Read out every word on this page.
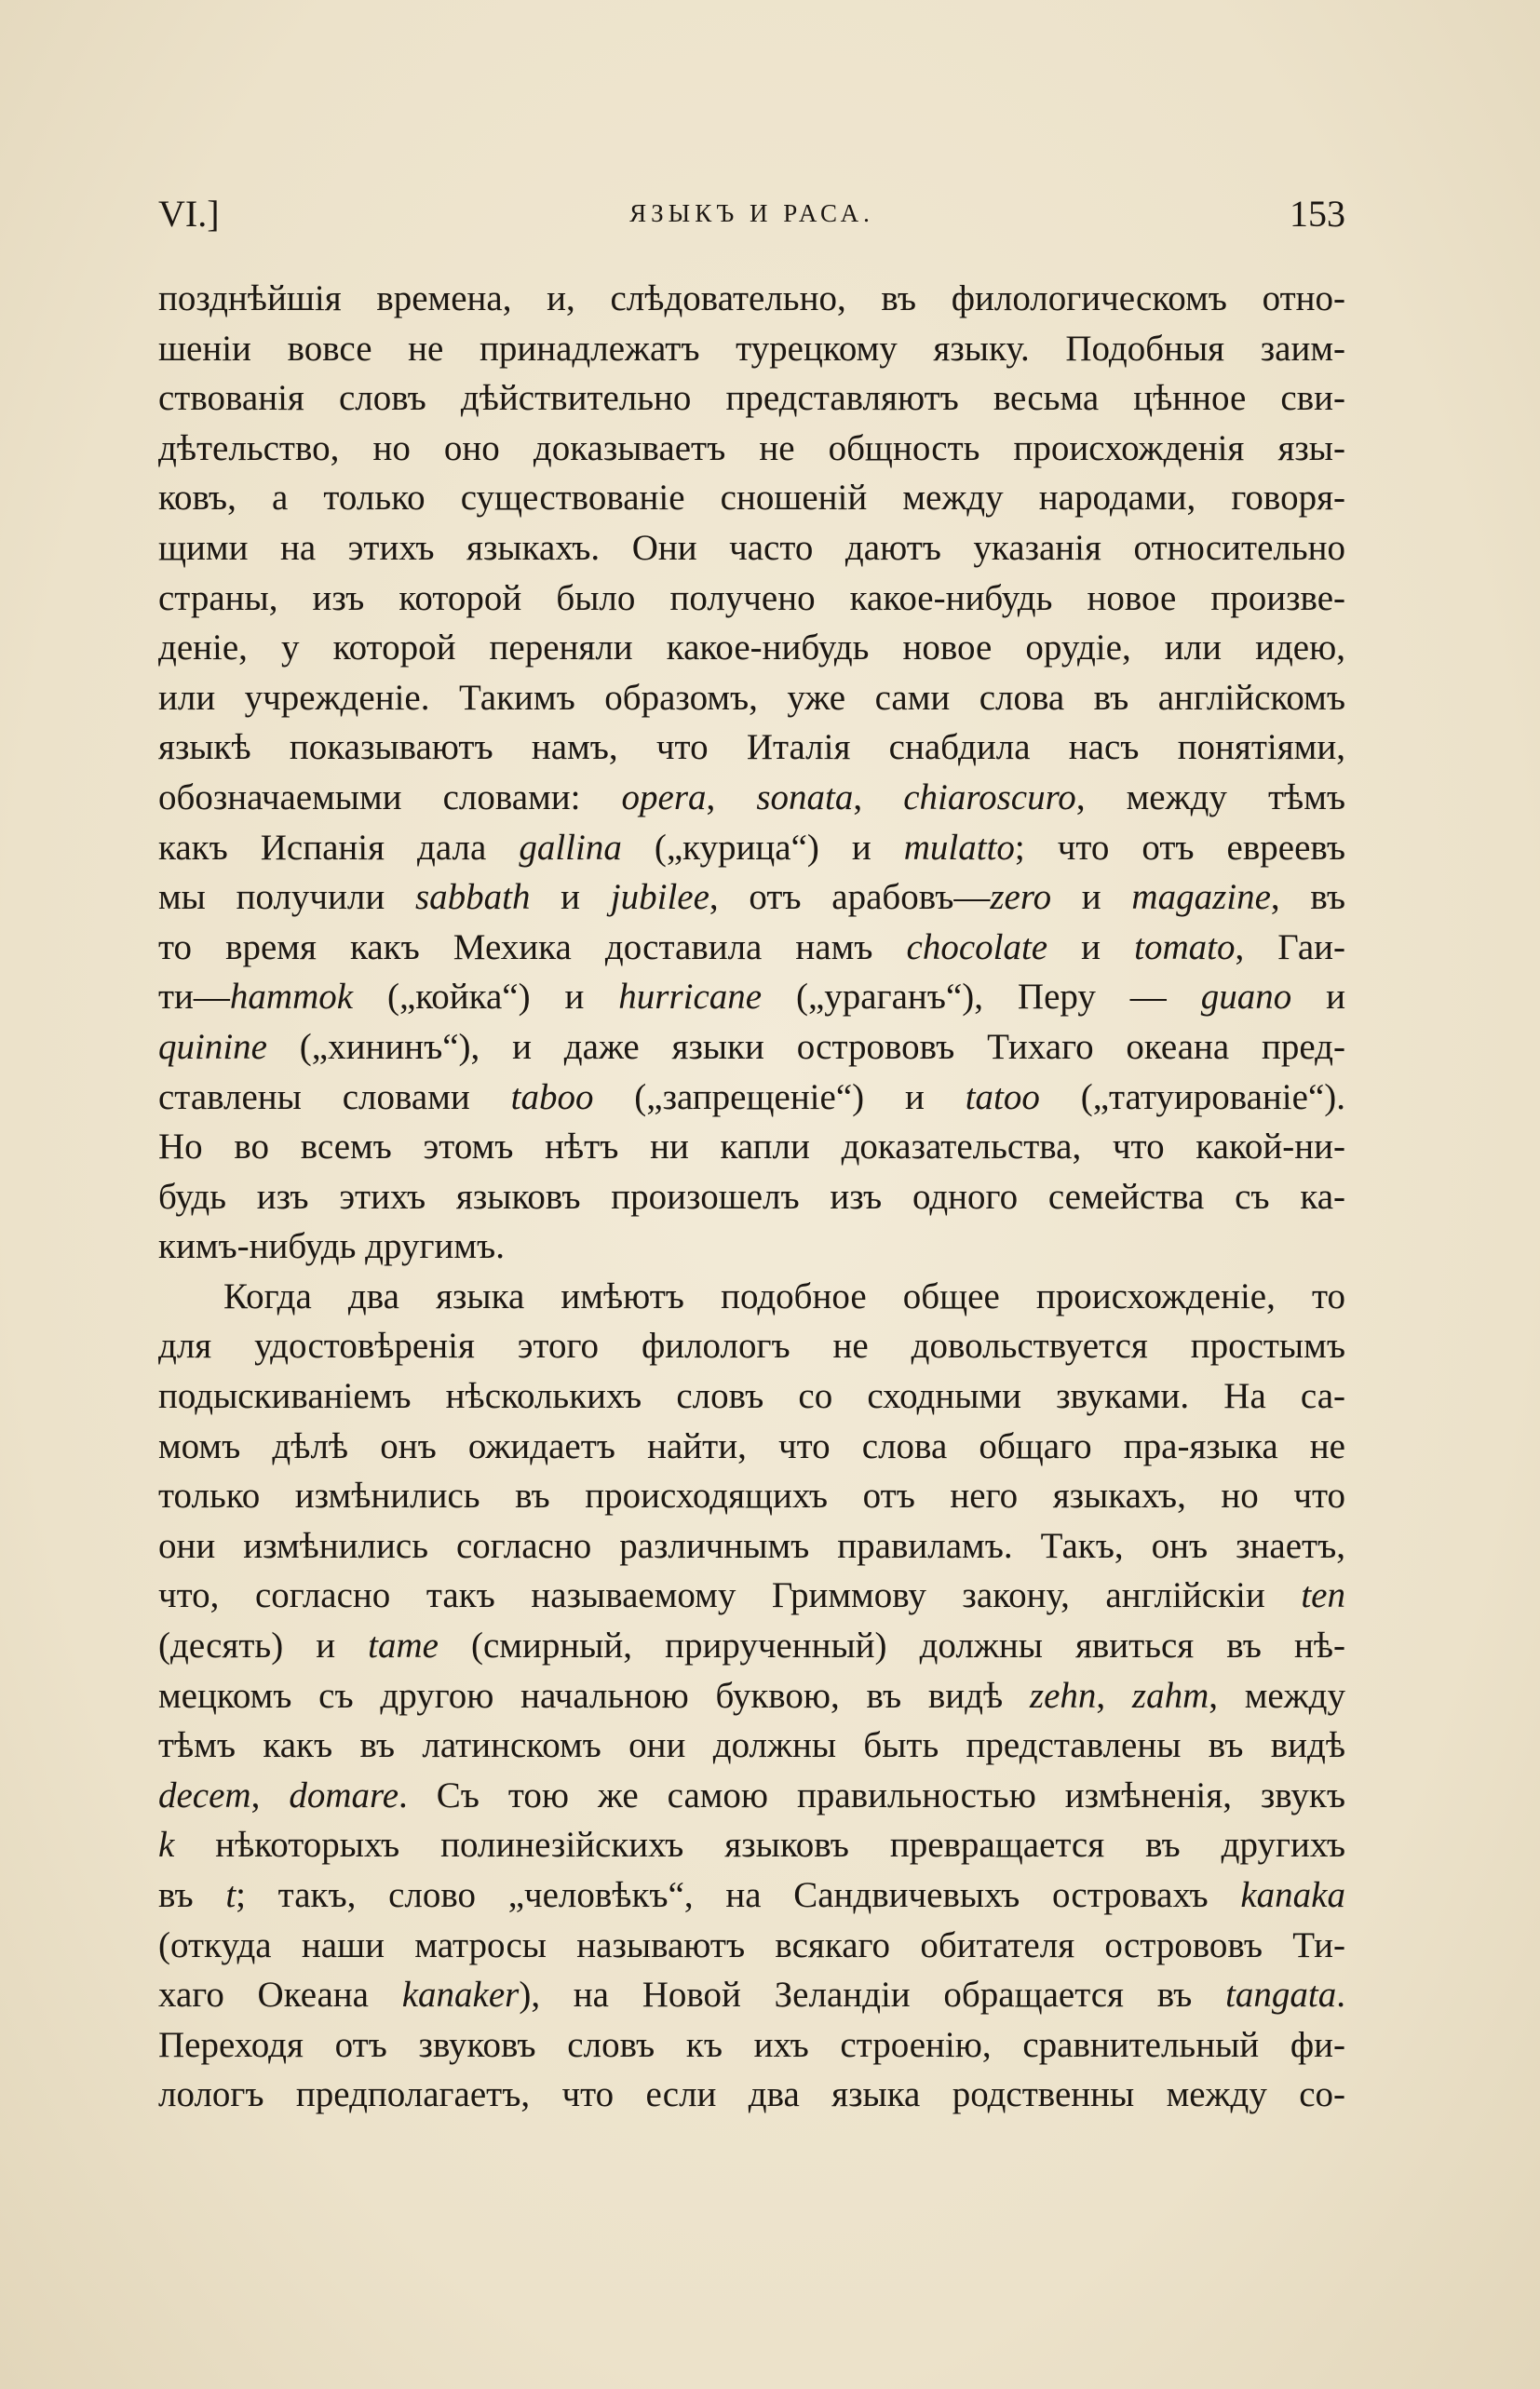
VI.]	ЯЗЫКЪ И РАСА.	153
позднѣйшія времена, и, слѣдовательно, въ филологическомъ отно-
шеніи вовсе не принадлежатъ турецкому языку. Подобныя заим-
ствованія словъ дѣйствительно представляютъ весьма цѣнное сви-
дѣтельство, но оно доказываетъ не общность происхожденія язы-
ковъ, а только существованіе сношеній между народами, говоря-
щими на этихъ языкахъ. Они часто даютъ указанія относительно
страны, изъ которой было получено какое-нибудь новое произве-
деніе, у которой переняли какое-нибудь новое орудіе, или идею,
или учрежденіе. Такимъ образомъ, уже сами слова въ англійскомъ
языкѣ показываютъ намъ, что Италія снабдила насъ понятіями,
обозначаемыми словами: opera, sonata, chiaroscuro, между тѣмъ
какъ Испанія дала gallina („курица“) и mulatto; что отъ евреевъ
мы получили sabbath и jubilee, отъ арабовъ—zero и magazine, въ
то время какъ Мехика доставила намъ chocolate и tomato, Гаи-
ти—hammok („койка“) и hurricane („ураганъ“), Перу — guano и
quinine („хининъ“), и даже языки острововъ Тихаго океана пред-
ставлены словами taboo („запрещеніе“) и tatoo („татуированіе“).
Но во всемъ этомъ нѣтъ ни капли доказательства, что какой-ни-
будь изъ этихъ языковъ произошелъ изъ одного семейства съ ка-
кимъ-нибудь другимъ.
Когда два языка имѣютъ подобное общее происхожденіе, то
для удостовѣренія этого филологъ не довольствуется простымъ
подыскиваніемъ нѣсколькихъ словъ со сходными звуками. На са-
момъ дѣлѣ онъ ожидаетъ найти, что слова общаго пра-языка не
только измѣнились въ происходящихъ отъ него языкахъ, но что
они измѣнились согласно различнымъ правиламъ. Такъ, онъ знаетъ,
что, согласно такъ называемому Гриммову закону, англійскіи ten
(десять) и tame (смирный, прирученный) должны явиться въ нѣ-
мецкомъ съ другою начальною буквою, въ видѣ zehn, zahm, между
тѣмъ какъ въ латинскомъ они должны быть представлены въ видѣ
decem, domare. Съ тою же самою правильностью измѣненія, звукъ
k нѣкоторыхъ полинезійскихъ языковъ превращается въ другихъ
въ t; такъ, слово „человѣкъ“, на Сандвичевыхъ островахъ kanaka
(откуда наши матросы называютъ всякаго обитателя острововъ Ти-
хаго Океана kanaker), на Новой Зеландіи обращается въ tangata.
Переходя отъ звуковъ словъ къ ихъ строенію, сравнительный фи-
лологъ предполагаетъ, что если два языка родственны между со-
